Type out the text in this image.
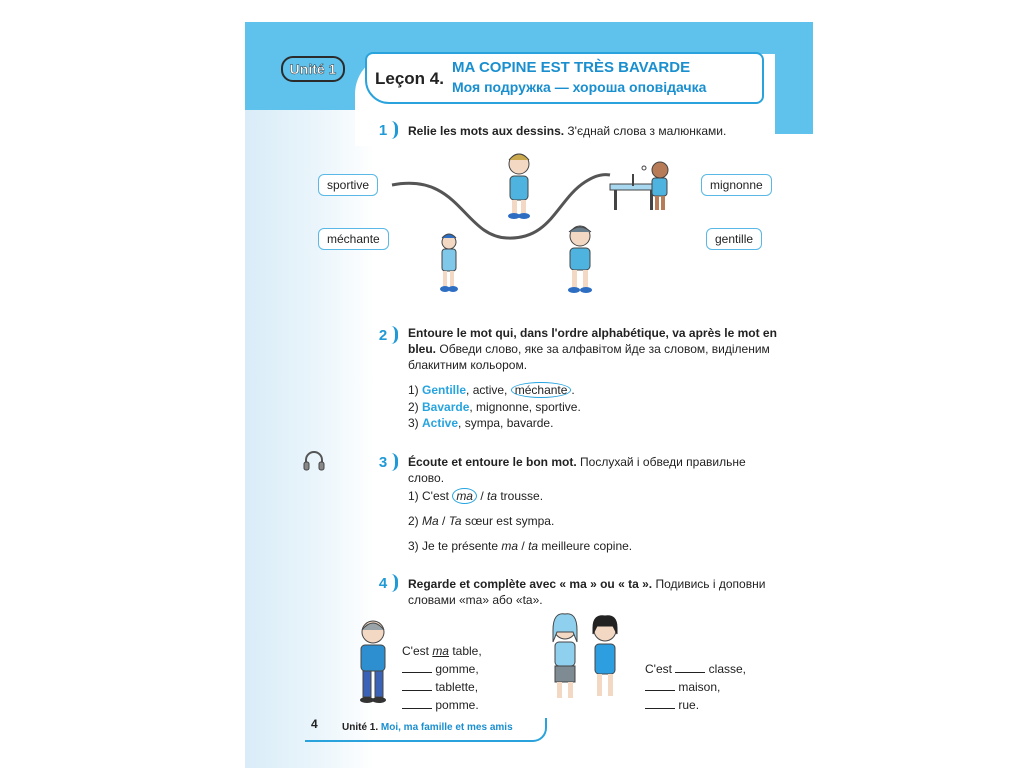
Unité 1	Leçon 4.
MA COPINE EST TRÈS BAVARDE
Моя подружка — хороша оповідачка
1	Relie les mots aux dessins. З'єднай слова з малюнками.
sportive
méchante
mignonne
gentille
2	Entoure le mot qui, dans l'ordre alphabétique, va après le mot en bleu. Обведи слово, яке за алфавітом йде за словом, виділеним блакитним кольором.
1) Gentille, active, méchante .
2) Bavarde, mignonne, sportive.
3) Active, sympa, bavarde.
3	Écoute et entoure le bon mot. Послухай і обведи правильне слово.
1) C'est ma / ta trousse.
2) Ma / Ta sœur est sympa.
3) Je te présente ma / ta meilleure copine.
4	Regarde et complète avec « ma » ou « ta ». Подивись і доповни словами «ma» або «ta».
C'est ma table,
gomme,
tablette,
pomme.
C'est	classe,
maison,
rue.
4 Unité 1. Moi, ma famille et mes amis
